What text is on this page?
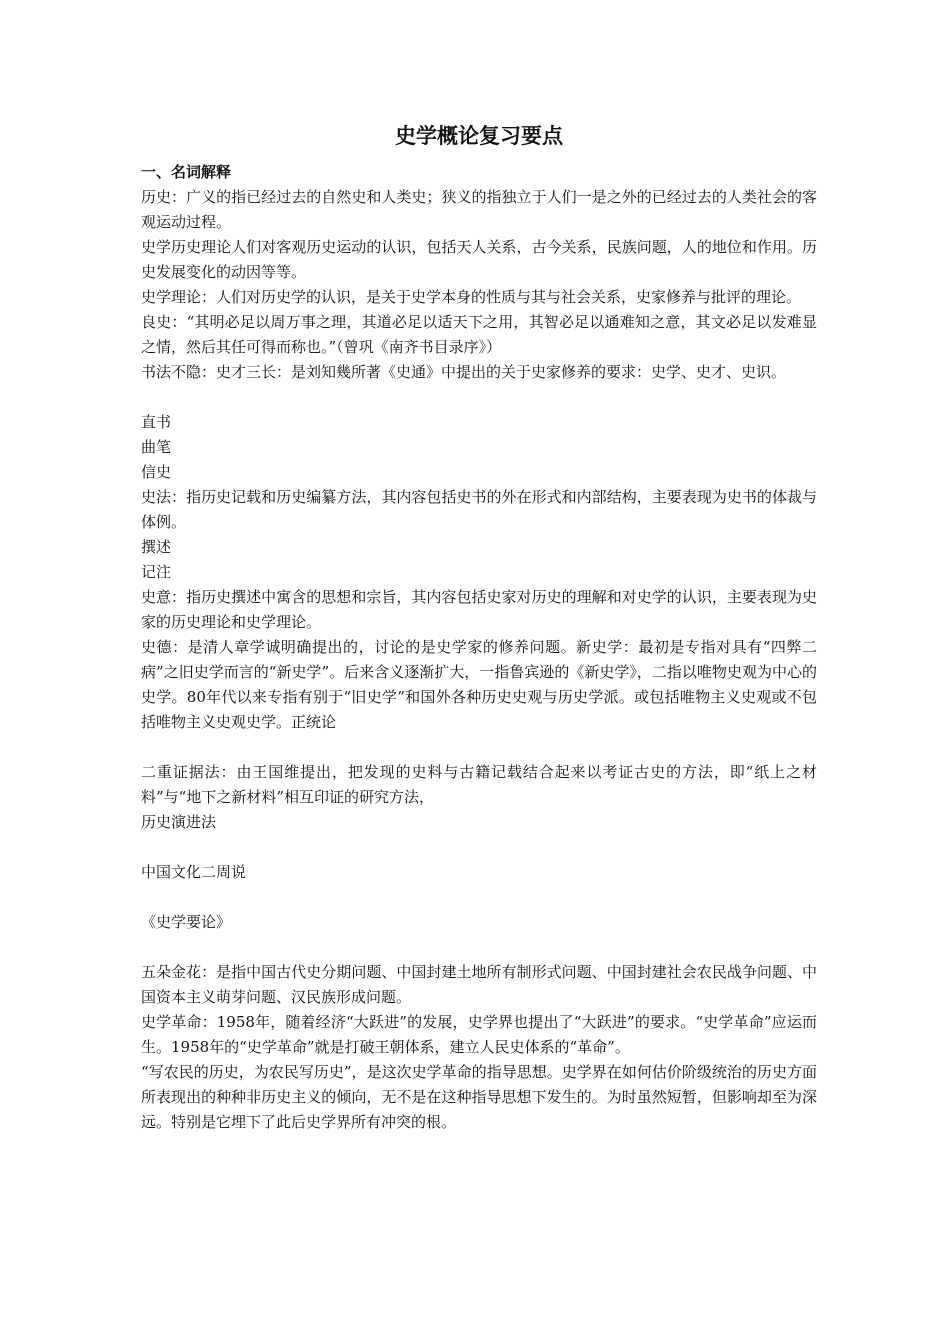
史学概论复习要点
一、名词解释
历史：广义的指已经过去的自然史和人类史；狭义的指独立于人们一是之外的已经过去的人类社会的客观运动过程。
史学历史理论人们对客观历史运动的认识，包括天人关系，古今关系，民族问题，人的地位和作用。历史发展变化的动因等等。
史学理论：人们对历史学的认识，是关于史学本身的性质与其与社会关系，史家修养与批评的理论。
良史：“其明必足以周万事之理，其道必足以适天下之用，其智必足以通难知之意，其文必足以发难显之情，然后其任可得而称也。”（曾巩《南齐书目录序》）
书法不隐：史才三长：是刘知幾所著《史通》中提出的关于史家修养的要求：史学、史才、史识。
直书
曲笔
信史
史法：指历史记载和历史编纂方法，其内容包括史书的外在形式和内部结构，主要表现为史书的体裁与体例。
撰述
记注
史意：指历史撰述中寓含的思想和宗旨，其内容包括史家对历史的理解和对史学的认识，主要表现为史家的历史理论和史学理论。
史德：是清人章学诚明确提出的，讨论的是史学家的修养问题。新史学：最初是专指对具有“四弊二病”之旧史学而言的“新史学”。后来含义逐渐扩大，一指鲁宾逊的《新史学》，二指以唯物史观为中心的史学。80年代以来专指有别于“旧史学”和国外各种历史史观与历史学派。或包括唯物主义史观或不包括唯物主义史观史学。正统论
二重证据法：由王国维提出，把发现的史料与古籍记载结合起来以考证古史的方法，即“纸上之材料”与“地下之新材料”相互印证的研究方法，
历史演进法
中国文化二周说
《史学要论》
五朵金花：是指中国古代史分期问题、中国封建土地所有制形式问题、中国封建社会农民战争问题、中国资本主义萌芽问题、汉民族形成问题。
史学革命：1958年，随着经济“大跃进”的发展，史学界也提出了“大跃进”的要求。“史学革命”应运而生。1958年的“史学革命”就是打破王朝体系，建立人民史体系的“革命”。
“写农民的历史，为农民写历史”，是这次史学革命的指导思想。史学界在如何估价阶级统治的历史方面所表现出的种种非历史主义的倾向，无不是在这种指导思想下发生的。为时虽然短暂，但影响却至为深远。特别是它埋下了此后史学界所有冲突的根。
